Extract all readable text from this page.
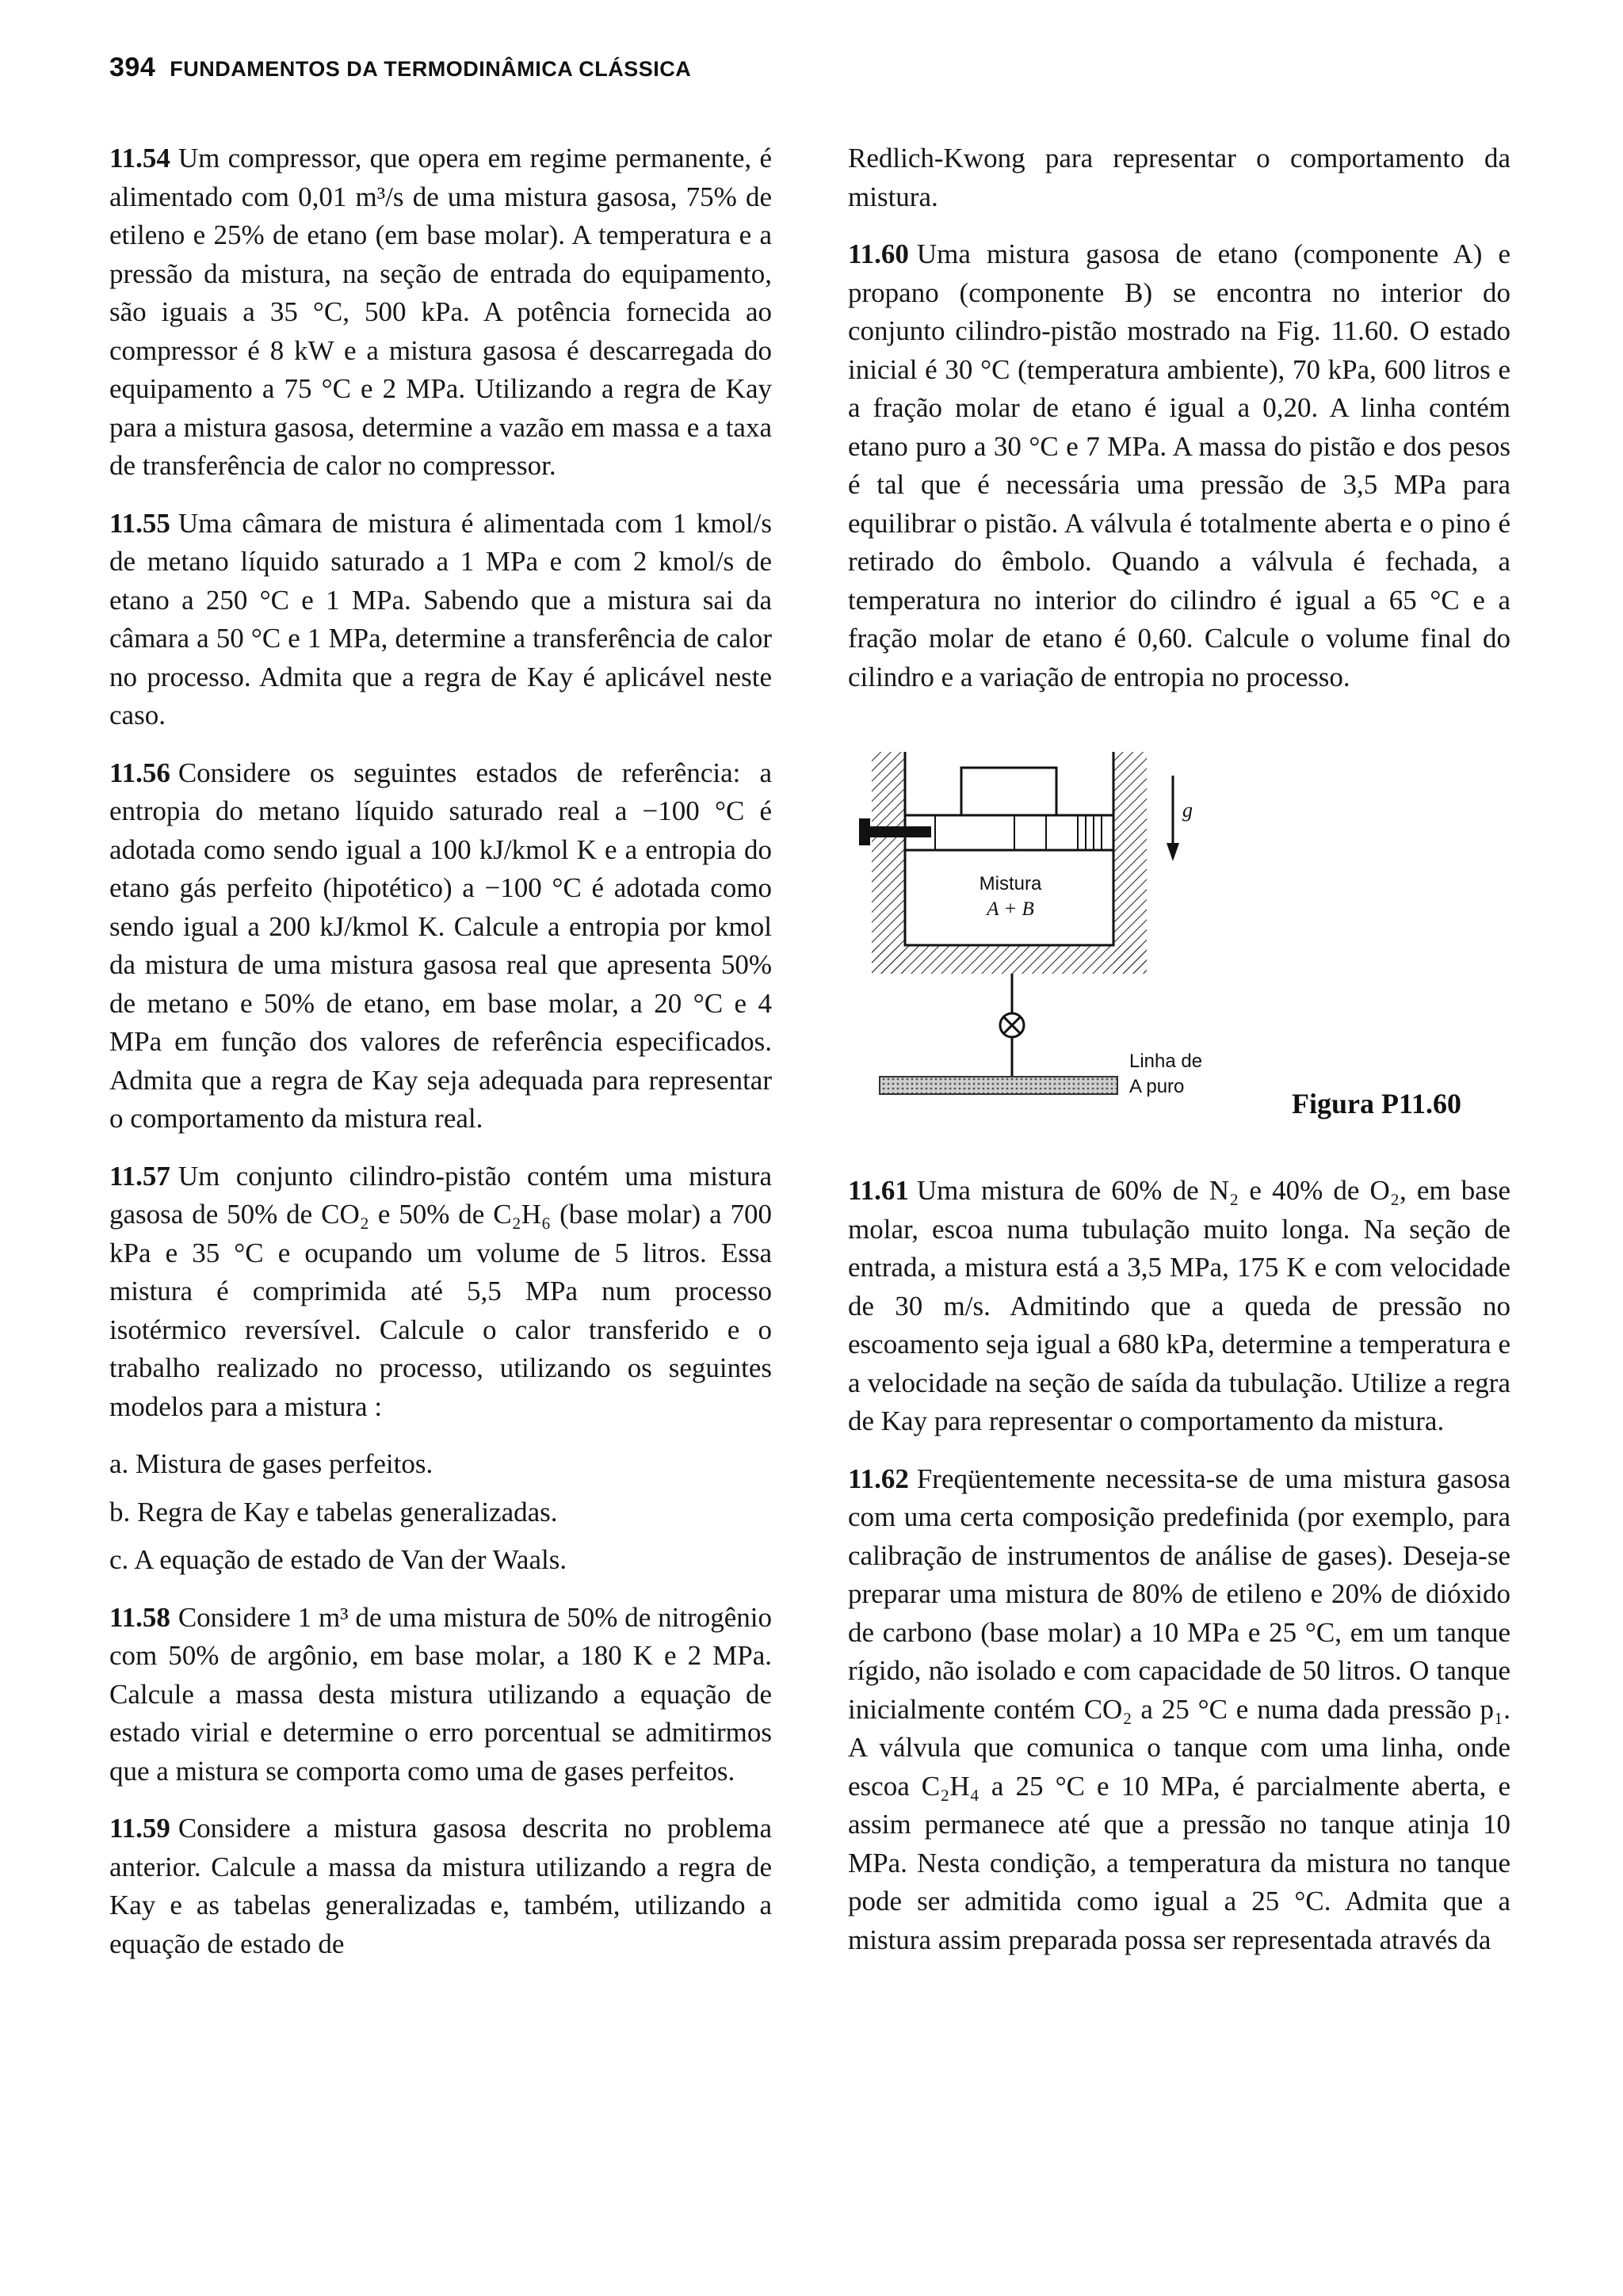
394 FUNDAMENTOS DA TERMODINÂMICA CLÁSSICA

11.54 Um compressor, que opera em regime permanente, é alimentado com 0,01 m³/s de uma mistura gasosa, 75% de etileno e 25% de etano (em base molar). A temperatura e a pressão da mistura, na seção de entrada do equipamento, são iguais a 35 °C, 500 kPa. A potência fornecida ao compressor é 8 kW e a mistura gasosa é descarregada do equipamento a 75 °C e 2 MPa. Utilizando a regra de Kay para a mistura gasosa, determine a vazão em massa e a taxa de transferência de calor no compressor.

11.55 Uma câmara de mistura é alimentada com 1 kmol/s de metano líquido saturado a 1 MPa e com 2 kmol/s de etano a 250 °C e 1 MPa. Sabendo que a mistura sai da câmara a 50 °C e 1 MPa, determine a transferência de calor no processo. Admita que a regra de Kay é aplicável neste caso.

11.56 Considere os seguintes estados de referência: a entropia do metano líquido saturado real a −100 °C é adotada como sendo igual a 100 kJ/kmol K e a entropia do etano gás perfeito (hipotético) a −100 °C é adotada como sendo igual a 200 kJ/kmol K. Calcule a entropia por kmol da mistura de uma mistura gasosa real que apresenta 50% de metano e 50% de etano, em base molar, a 20 °C e 4 MPa em função dos valores de referência especificados. Admita que a regra de Kay seja adequada para representar o comportamento da mistura real.

11.57 Um conjunto cilindro-pistão contém uma mistura gasosa de 50% de CO₂ e 50% de C₂H₆ (base molar) a 700 kPa e 35 °C e ocupando um volume de 5 litros. Essa mistura é comprimida até 5,5 MPa num processo isotérmico reversível. Calcule o calor transferido e o trabalho realizado no processo, utilizando os seguintes modelos para a mistura :

a. Mistura de gases perfeitos.

b. Regra de Kay e tabelas generalizadas.

c. A equação de estado de Van der Waals.

11.58 Considere 1 m³ de uma mistura de 50% de nitrogênio com 50% de argônio, em base molar, a 180 K e 2 MPa. Calcule a massa desta mistura utilizando a equação de estado virial e determine o erro porcentual se admitirmos que a mistura se comporta como uma de gases perfeitos.

11.59 Considere a mistura gasosa descrita no problema anterior. Calcule a massa da mistura utilizando a regra de Kay e as tabelas generalizadas e, também, utilizando a equação de estado de

Redlich-Kwong para representar o comportamento da mistura.

11.60 Uma mistura gasosa de etano (componente A) e propano (componente B) se encontra no interior do conjunto cilindro-pistão mostrado na Fig. 11.60. O estado inicial é 30 °C (temperatura ambiente), 70 kPa, 600 litros e a fração molar de etano é igual a 0,20. A linha contém etano puro a 30 °C e 7 MPa. A massa do pistão e dos pesos é tal que é necessária uma pressão de 3,5 MPa para equilibrar o pistão. A válvula é totalmente aberta e o pino é retirado do êmbolo. Quando a válvula é fechada, a temperatura no interior do cilindro é igual a 65 °C e a fração molar de etano é 0,60. Calcule o volume final do cilindro e a variação de entropia no processo.

Mistura
A + B
g
Linha de
A puro
Figura P11.60

11.61 Uma mistura de 60% de N₂ e 40% de O₂, em base molar, escoa numa tubulação muito longa. Na seção de entrada, a mistura está a 3,5 MPa, 175 K e com velocidade de 30 m/s. Admitindo que a queda de pressão no escoamento seja igual a 680 kPa, determine a temperatura e a velocidade na seção de saída da tubulação. Utilize a regra de Kay para representar o comportamento da mistura.

11.62 Freqüentemente necessita-se de uma mistura gasosa com uma certa composição predefinida (por exemplo, para calibração de instrumentos de análise de gases). Deseja-se preparar uma mistura de 80% de etileno e 20% de dióxido de carbono (base molar) a 10 MPa e 25 °C, em um tanque rígido, não isolado e com capacidade de 50 litros. O tanque inicialmente contém CO₂ a 25 °C e numa dada pressão p₁. A válvula que comunica o tanque com uma linha, onde escoa C₂H₄ a 25 °C e 10 MPa, é parcialmente aberta, e assim permanece até que a pressão no tanque atinja 10 MPa. Nesta condição, a temperatura da mistura no tanque pode ser admitida como igual a 25 °C. Admita que a mistura assim preparada possa ser representada através da
